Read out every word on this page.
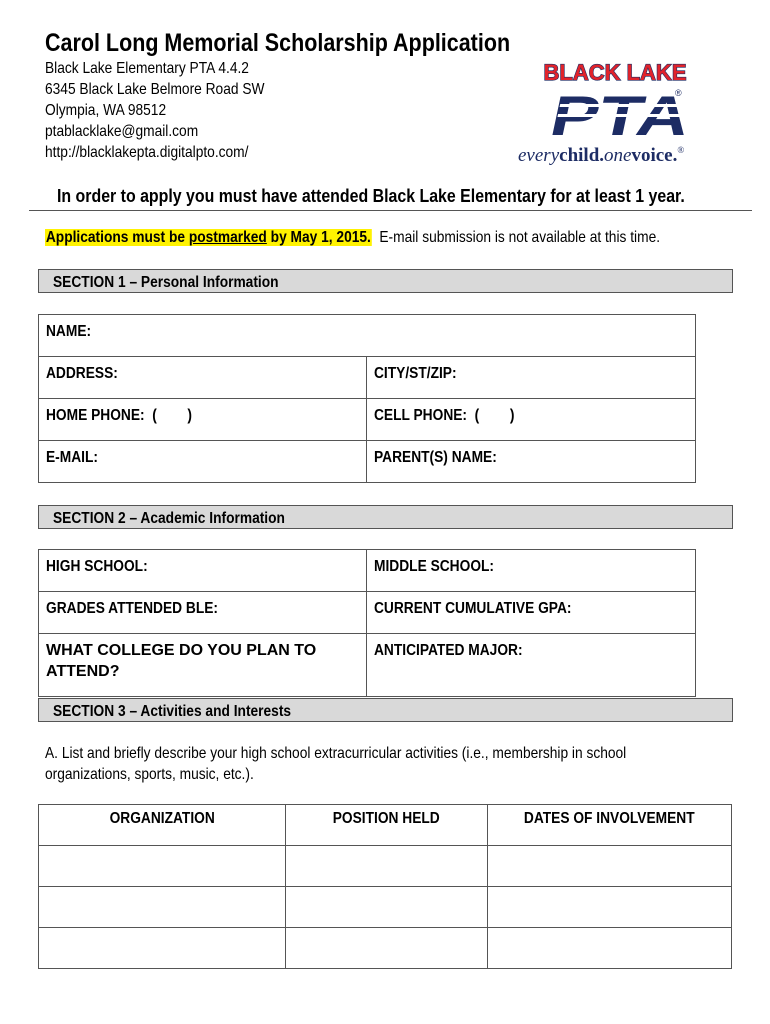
Carol Long Memorial Scholarship Application
Black Lake Elementary PTA 4.4.2
6345 Black Lake Belmore Road SW
Olympia, WA 98512
ptablacklake@gmail.com
http://blacklakepta.digitalpto.com/
BLACK LAKE
PTA ®
everychild.onevoice.®
In order to apply you must have attended Black Lake Elementary for at least 1 year.
Applications must be postmarked by May 1, 2015.  E-mail submission is not available at this time.
SECTION 1 – Personal Information
NAME:	
ADDRESS:	CITY/ST/ZIP:
HOME PHONE:  (        )	CELL PHONE:  (        )
E-MAIL:	PARENT(S) NAME:
SECTION 2 – Academic Information
HIGH SCHOOL:	MIDDLE SCHOOL:
GRADES ATTENDED BLE:	CURRENT CUMULATIVE GPA:

WHAT COLLEGE DO YOU PLAN TO ATTEND?	ANTICIPATED MAJOR:
SECTION 3 – Activities and Interests
A. List and briefly describe your high school extracurricular activities (i.e., membership in school organizations, sports, music, etc.).
ORGANIZATION	POSITION HELD	DATES OF INVOLVEMENT
